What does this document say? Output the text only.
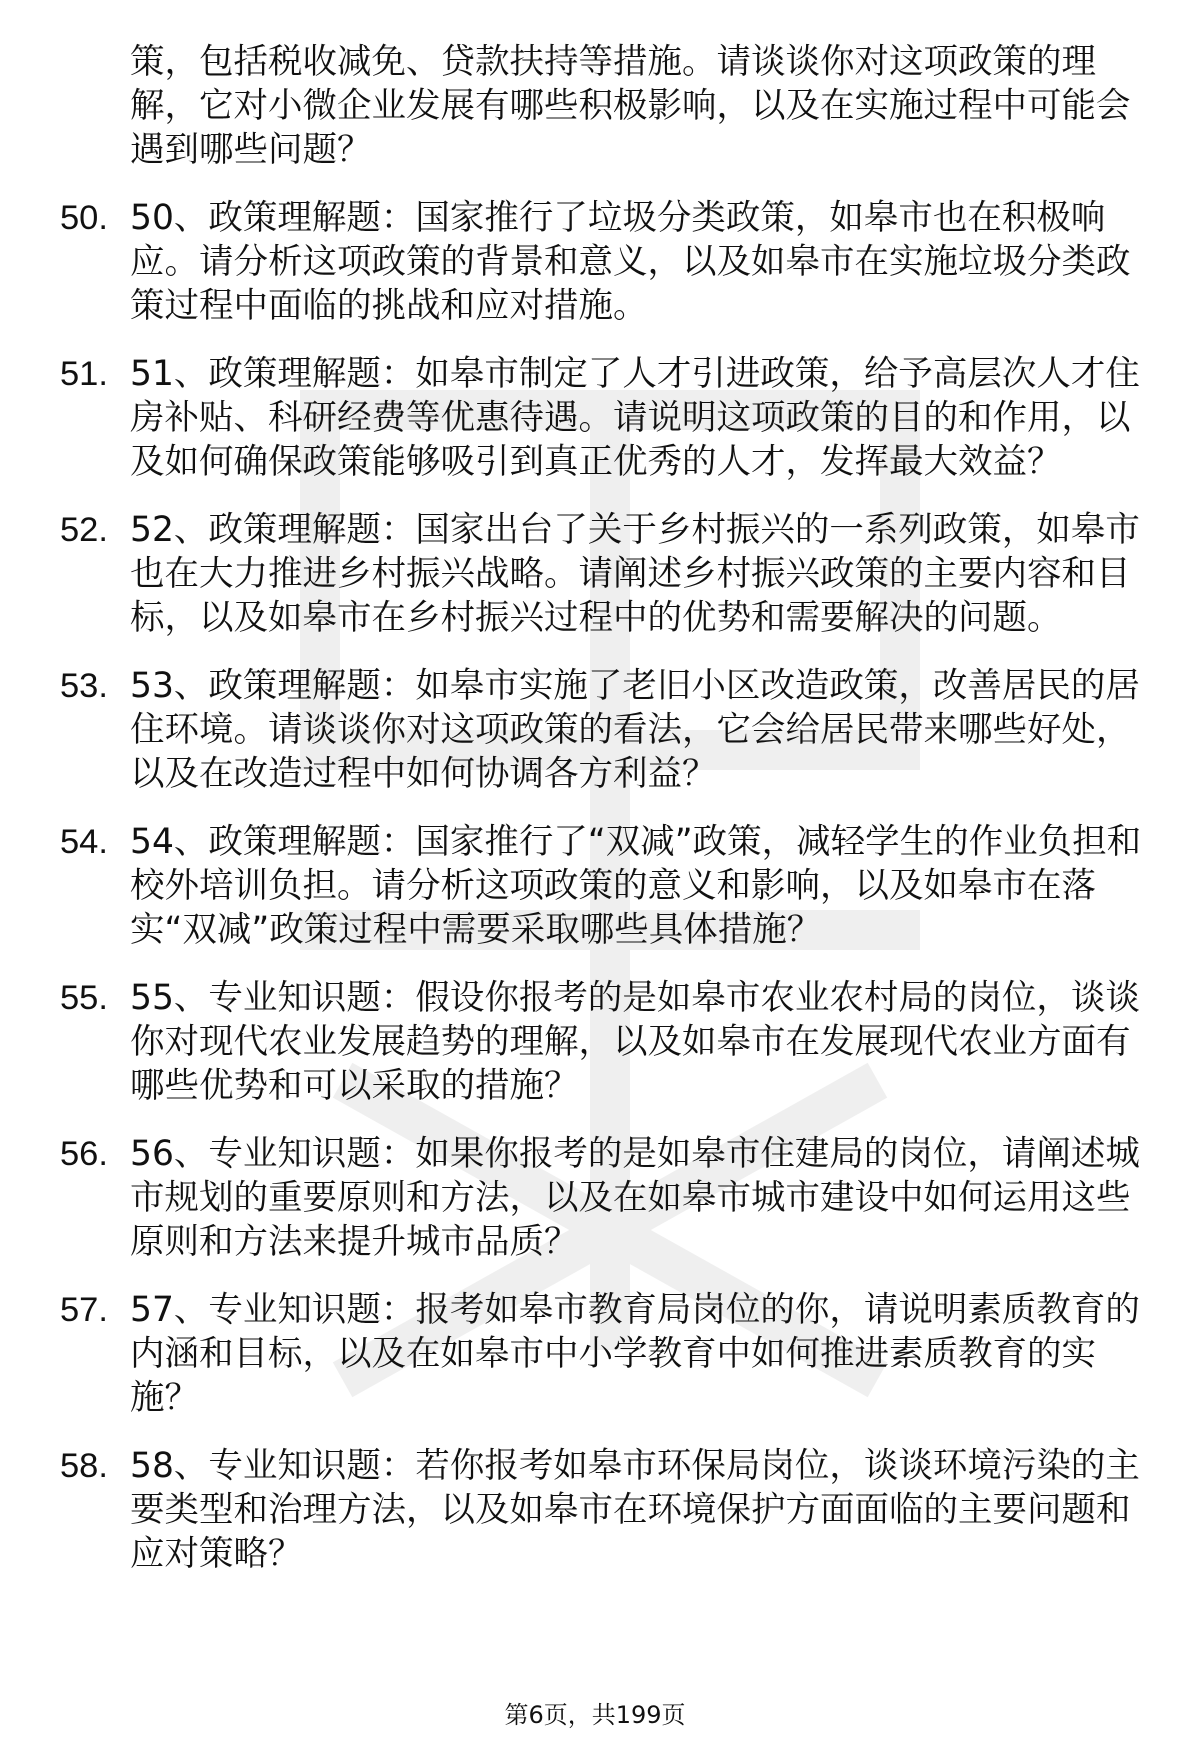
策，包括税收减免、贷款扶持等措施。请谈谈你对这项政策的理解，它对小微企业发展有哪些积极影响，以及在实施过程中可能会遇到哪些问题？
50. 50、政策理解题：国家推行了垃圾分类政策，如皋市也在积极响应。请分析这项政策的背景和意义，以及如皋市在实施垃圾分类政策过程中面临的挑战和应对措施。
51. 51、政策理解题：如皋市制定了人才引进政策，给予高层次人才住房补贴、科研经费等优惠待遇。请说明这项政策的目的和作用，以及如何确保政策能够吸引到真正优秀的人才，发挥最大效益？
52. 52、政策理解题：国家出台了关于乡村振兴的一系列政策，如皋市也在大力推进乡村振兴战略。请阐述乡村振兴政策的主要内容和目标，以及如皋市在乡村振兴过程中的优势和需要解决的问题。
53. 53、政策理解题：如皋市实施了老旧小区改造政策，改善居民的居住环境。请谈谈你对这项政策的看法，它会给居民带来哪些好处，以及在改造过程中如何协调各方利益？
54. 54、政策理解题：国家推行了“双减”政策，减轻学生的作业负担和校外培训负担。请分析这项政策的意义和影响，以及如皋市在落实“双减”政策过程中需要采取哪些具体措施？
55. 55、专业知识题：假设你报考的是如皋市农业农村局的岗位，谈谈你对现代农业发展趋势的理解，以及如皋市在发展现代农业方面有哪些优势和可以采取的措施？
56. 56、专业知识题：如果你报考的是如皋市住建局的岗位，请阐述城市规划的重要原则和方法，以及在如皋市城市建设中如何运用这些原则和方法来提升城市品质？
57. 57、专业知识题：报考如皋市教育局岗位的你，请说明素质教育的内涵和目标，以及在如皋市中小学教育中如何推进素质教育的实施？
58. 58、专业知识题：若你报考如皋市环保局岗位，谈谈环境污染的主要类型和治理方法，以及如皋市在环境保护方面面临的主要问题和应对策略？
第6页，共199页
